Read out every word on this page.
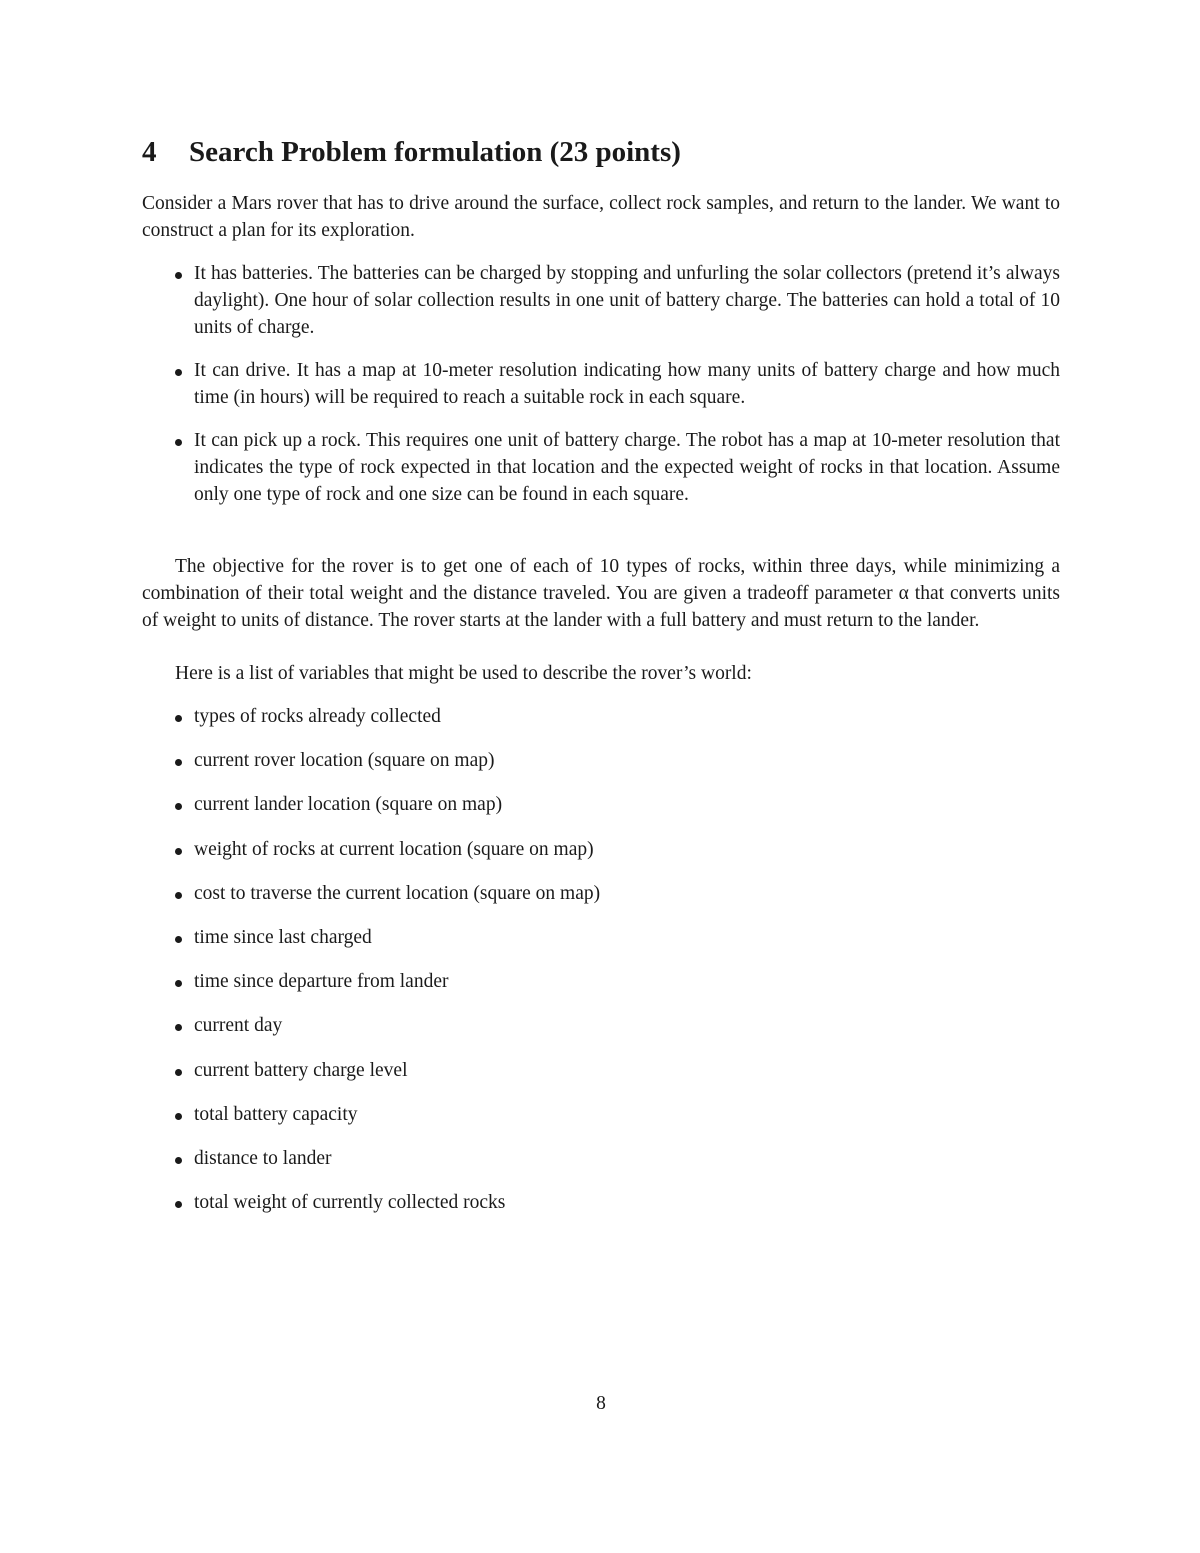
4 Search Problem formulation (23 points)

Consider a Mars rover that has to drive around the surface, collect rock samples, and return to the lander. We want to construct a plan for its exploration.

It has batteries. The batteries can be charged by stopping and unfurling the solar collectors (pretend it’s always daylight). One hour of solar collection results in one unit of battery charge. The batteries can hold a total of 10 units of charge.
It can drive. It has a map at 10-meter resolution indicating how many units of battery charge and how much time (in hours) will be required to reach a suitable rock in each square.
It can pick up a rock. This requires one unit of battery charge. The robot has a map at 10-meter resolution that indicates the type of rock expected in that location and the expected weight of rocks in that location. Assume only one type of rock and one size can be found in each square.

The objective for the rover is to get one of each of 10 types of rocks, within three days, while minimizing a combination of their total weight and the distance traveled. You are given a tradeoff parameter α that converts units of weight to units of distance. The rover starts at the lander with a full battery and must return to the lander.

Here is a list of variables that might be used to describe the rover’s world:

types of rocks already collected
current rover location (square on map)
current lander location (square on map)
weight of rocks at current location (square on map)
cost to traverse the current location (square on map)
time since last charged
time since departure from lander
current day
current battery charge level
total battery capacity
distance to lander
total weight of currently collected rocks
8
